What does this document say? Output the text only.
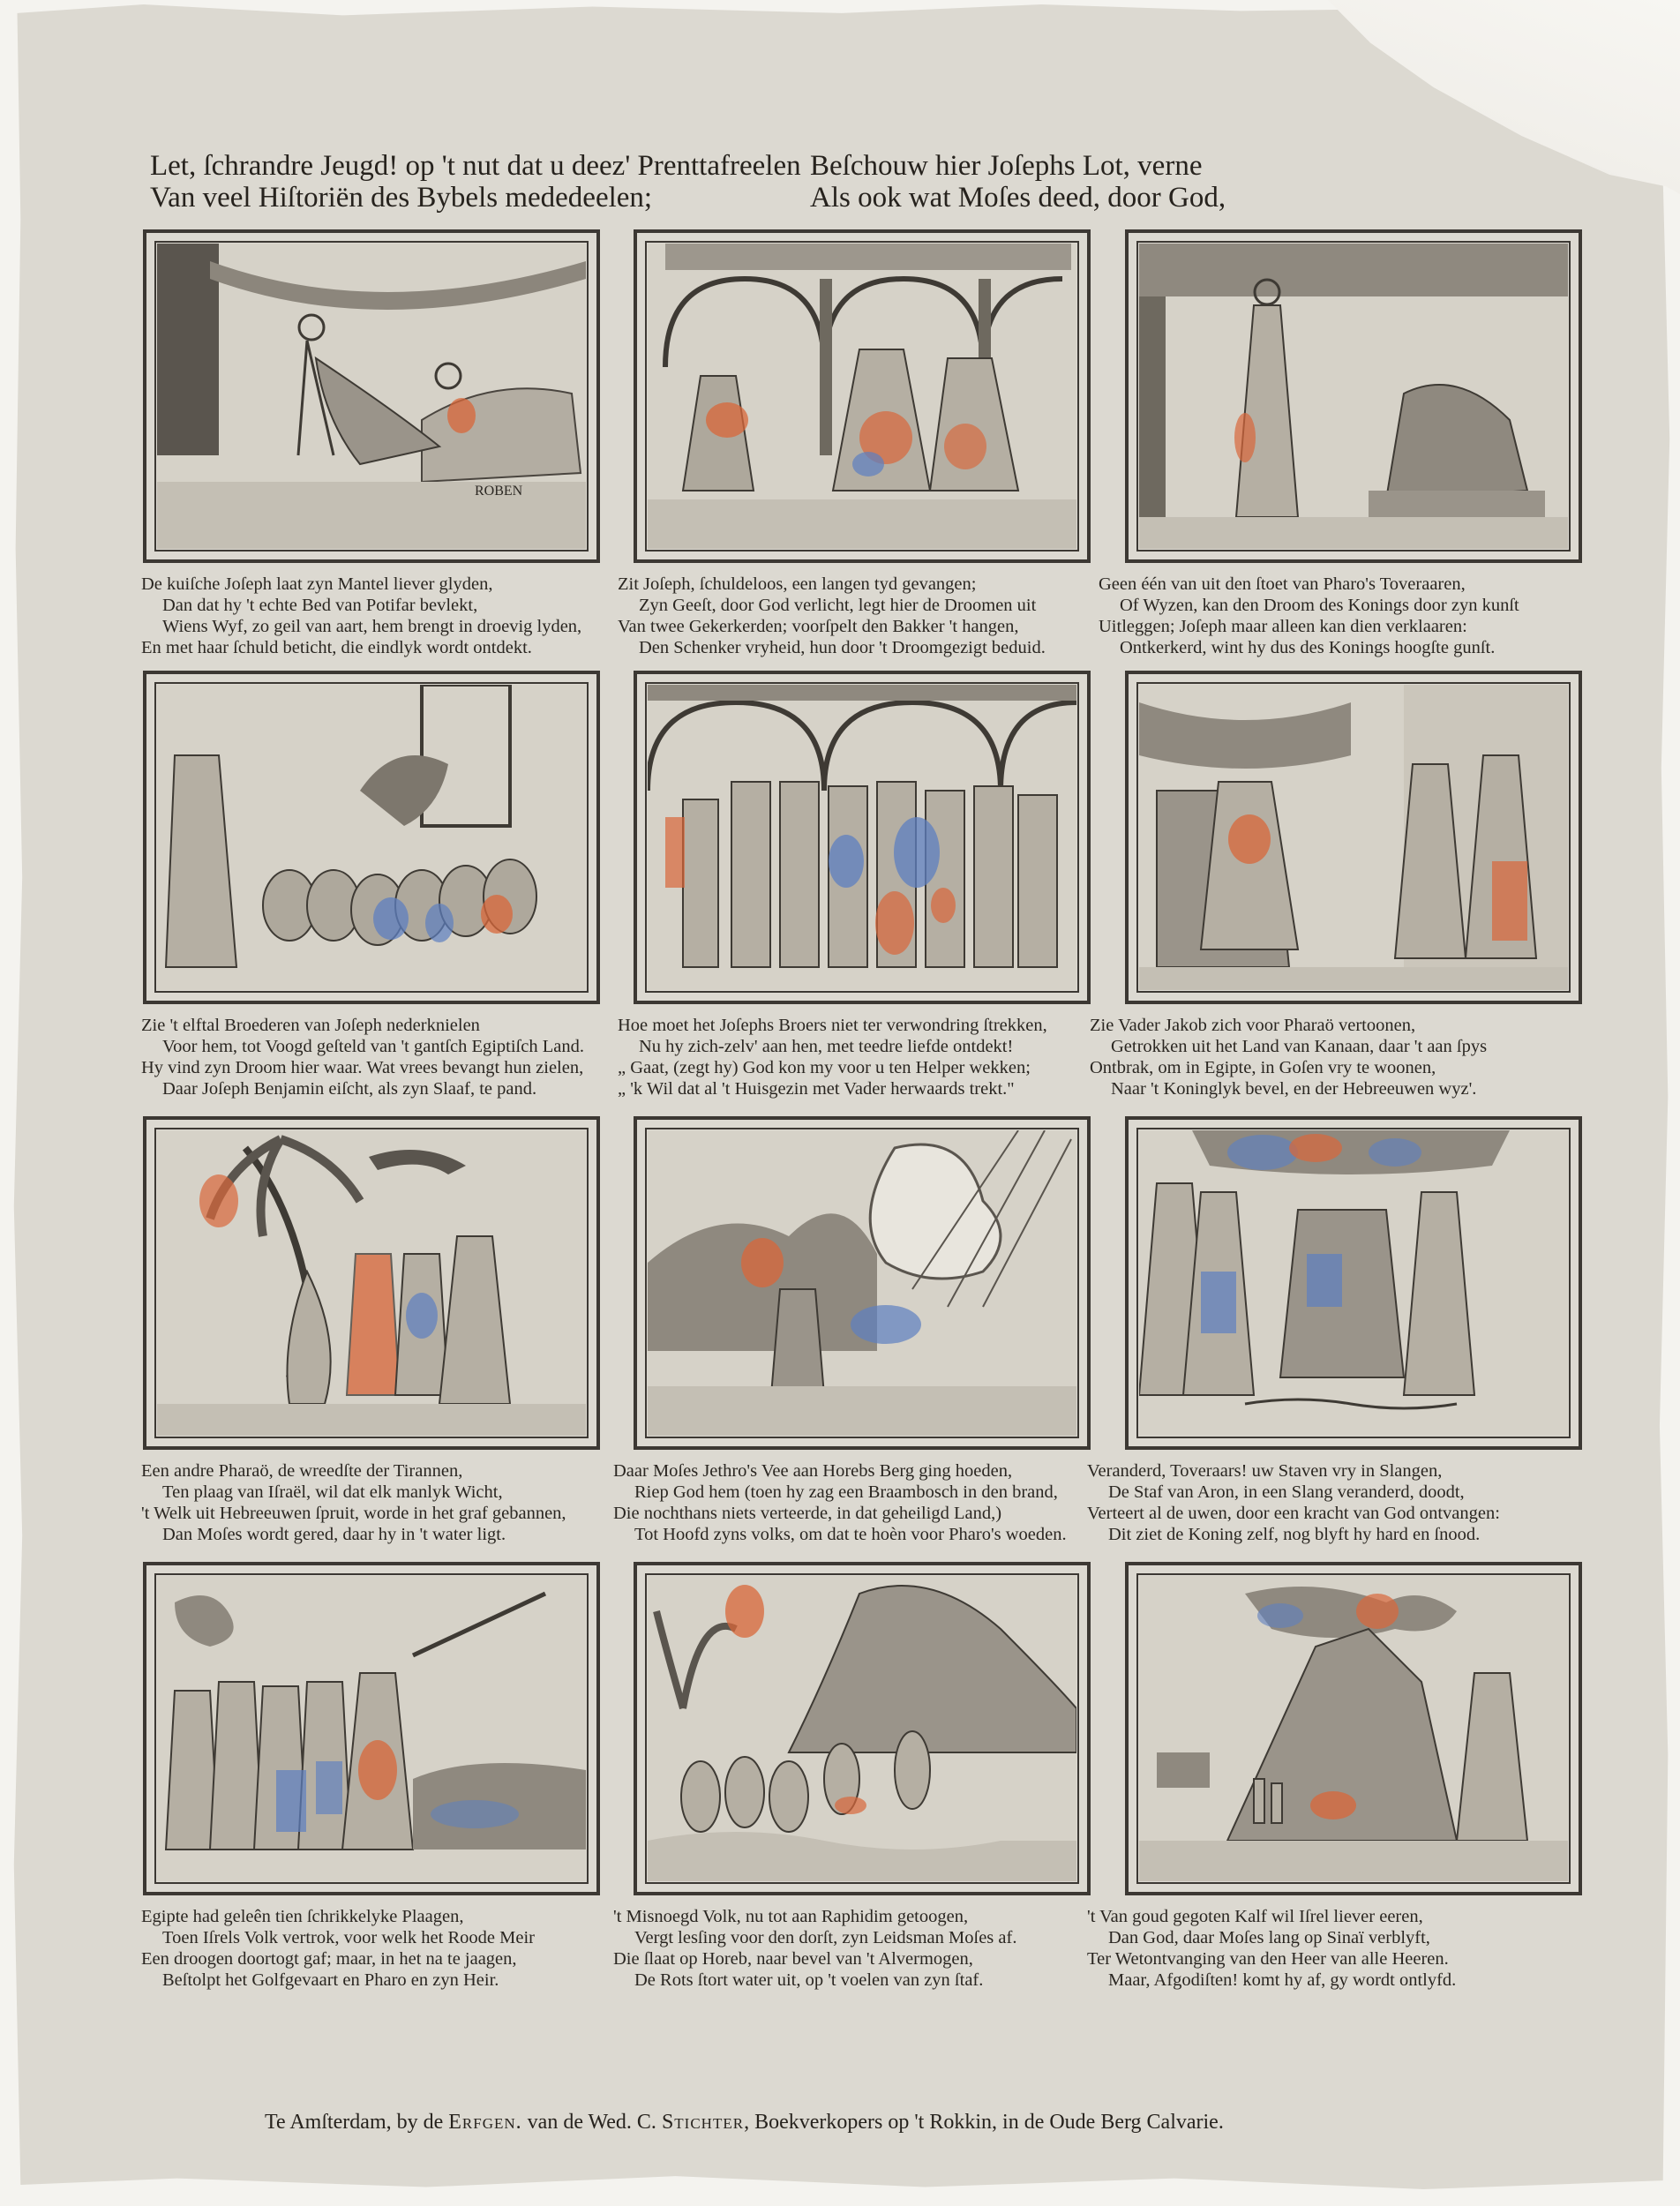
Let, ſchrandre Jeugd! op 't nut dat u deez' Prenttafreelen
Van veel Hiſtoriën des Bybels mededeelen;
Beſchouw hier Joſephs Lot, verne
Als ook wat Moſes deed, door God,
ROBEN
De kuiſche Joſeph laat zyn Mantel liever glyden,
Dan dat hy 't echte Bed van Potifar bevlekt,
Wiens Wyf, zo geil van aart, hem brengt in droevig lyden,
En met haar ſchuld beticht, die eindlyk wordt ontdekt.
Zit Joſeph, ſchuldeloos, een langen tyd gevangen;
Zyn Geeſt, door God verlicht, legt hier de Droomen uit
Van twee Gekerkerden; voorſpelt den Bakker 't hangen,
Den Schenker vryheid, hun door 't Droomgezigt beduid.
Geen één van uit den ſtoet van Pharo's Toveraaren,
Of Wyzen, kan den Droom des Konings door zyn kunſt
Uitleggen; Joſeph maar alleen kan dien verklaaren:
Ontkerkerd, wint hy dus des Konings hoogſte gunſt.
Zie 't elftal Broederen van Joſeph nederknielen
Voor hem, tot Voogd geſteld van 't gantſch Egiptiſch Land.
Hy vind zyn Droom hier waar. Wat vrees bevangt hun zielen,
Daar Joſeph Benjamin eiſcht, als zyn Slaaf, te pand.
Hoe moet het Joſephs Broers niet ter verwondring ſtrekken,
Nu hy zich-zelv' aan hen, met teedre liefde ontdekt!
„ Gaat, (zegt hy) God kon my voor u ten Helper wekken;
„ 'k Wil dat al 't Huisgezin met Vader herwaards trekt."
Zie Vader Jakob zich voor Pharaö vertoonen,
Getrokken uit het Land van Kanaan, daar 't aan ſpys
Ontbrak, om in Egipte, in Goſen vry te woonen,
Naar 't Koninglyk bevel, en der Hebreeuwen wyz'.
Een andre Pharaö, de wreedſte der Tirannen,
Ten plaag van Iſraël, wil dat elk manlyk Wicht,
't Welk uit Hebreeuwen ſpruit, worde in het graf gebannen,
Dan Moſes wordt gered, daar hy in 't water ligt.
Daar Moſes Jethro's Vee aan Horebs Berg ging hoeden,
Riep God hem (toen hy zag een Braambosch in den brand,
Die nochthans niets verteerde, in dat geheiligd Land,)
Tot Hoofd zyns volks, om dat te hoèn voor Pharo's woeden.
Veranderd, Toveraars! uw Staven vry in Slangen,
De Staf van Aron, in een Slang veranderd, doodt,
Verteert al de uwen, door een kracht van God ontvangen:
Dit ziet de Koning zelf, nog blyft hy hard en ſnood.
Egipte had geleên tien ſchrikkelyke Plaagen,
Toen Iſrels Volk vertrok, voor welk het Roode Meir
Een droogen doortogt gaf; maar, in het na te jaagen,
Beſtolpt het Golfgevaart en Pharo en zyn Heir.
't Misnoegd Volk, nu tot aan Raphidim getoogen,
Vergt lesſing voor den dorſt, zyn Leidsman Moſes af.
Die ſlaat op Horeb, naar bevel van 't Alvermogen,
De Rots ſtort water uit, op 't voelen van zyn ſtaf.
't Van goud gegoten Kalf wil Iſrel liever eeren,
Dan God, daar Moſes lang op Sinaï verblyft,
Ter Wetontvanging van den Heer van alle Heeren.
Maar, Afgodiſten! komt hy af, gy wordt ontlyfd.
Te Amſterdam, by de Erfgen. van de Wed. C. Stichter, Boekverkopers op 't Rokkin, in de Oude Berg Calvarie.
